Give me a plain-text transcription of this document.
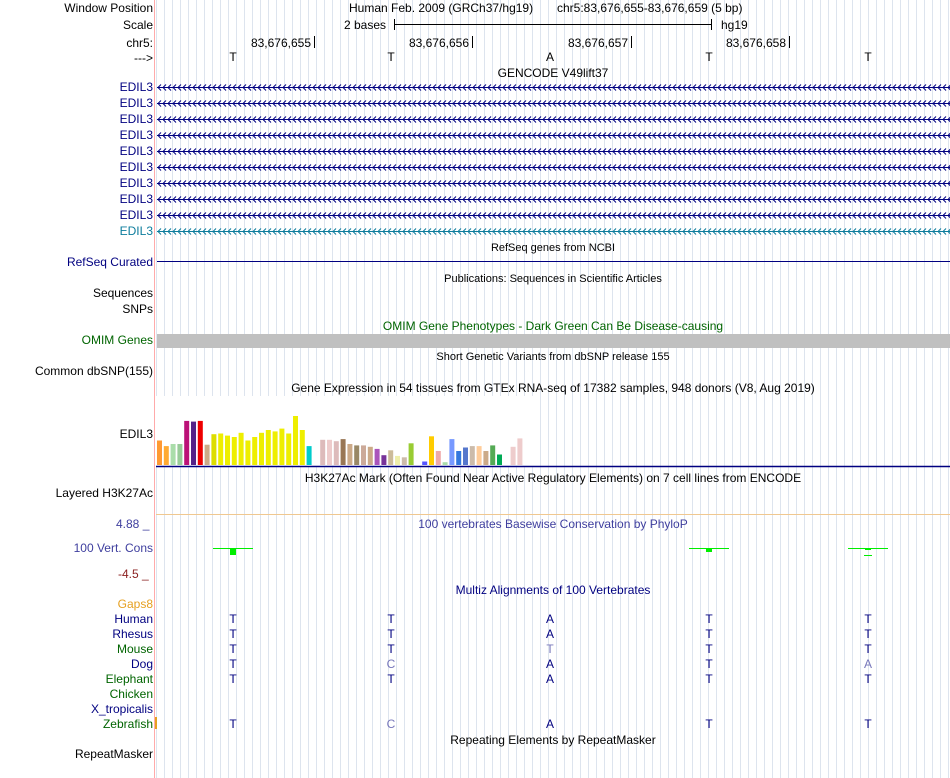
Window Position	Human Feb. 2009 (GRCh37/hg19) chr5:83,676,655-83,676,659 (5 bp)
Scale	2 bases	hg19
chr5:	83,676,655	83,676,656	83,676,657	83,676,658
--->	T	T	A	T	T
GENCODE V49lift37
EDIL3
EDIL3
EDIL3
EDIL3
EDIL3
EDIL3
EDIL3
EDIL3
EDIL3
EDIL3
RefSeq genes from NCBI
RefSeq Curated
Publications: Sequences in Scientific Articles
Sequences
SNPs
OMIM Gene Phenotypes - Dark Green Can Be Disease-causing
OMIM Genes
Short Genetic Variants from dbSNP release 155
Common dbSNP(155)
Gene Expression in 54 tissues from GTEx RNA-seq of 17382 samples, 948 donors (V8, Aug 2019)
EDIL3
H3K27Ac Mark (Often Found Near Active Regulatory Elements) on 7 cell lines from ENCODE
Layered H3K27Ac
4.88 _	100 vertebrates Basewise Conservation by PhyloP
100 Vert. Cons
-4.5 _
Multiz Alignments of 100 Vertebrates
Gaps8
Human	T	T	A	T	T
Rhesus	T	T	A	T	T
Mouse	T	T	T	T	T
Dog	T	C	A	T	A
Elephant	T	T	A	T	T
Chicken
X_tropicalis
Zebrafish	T	C	A	T	T
Repeating Elements by RepeatMasker
RepeatMasker
